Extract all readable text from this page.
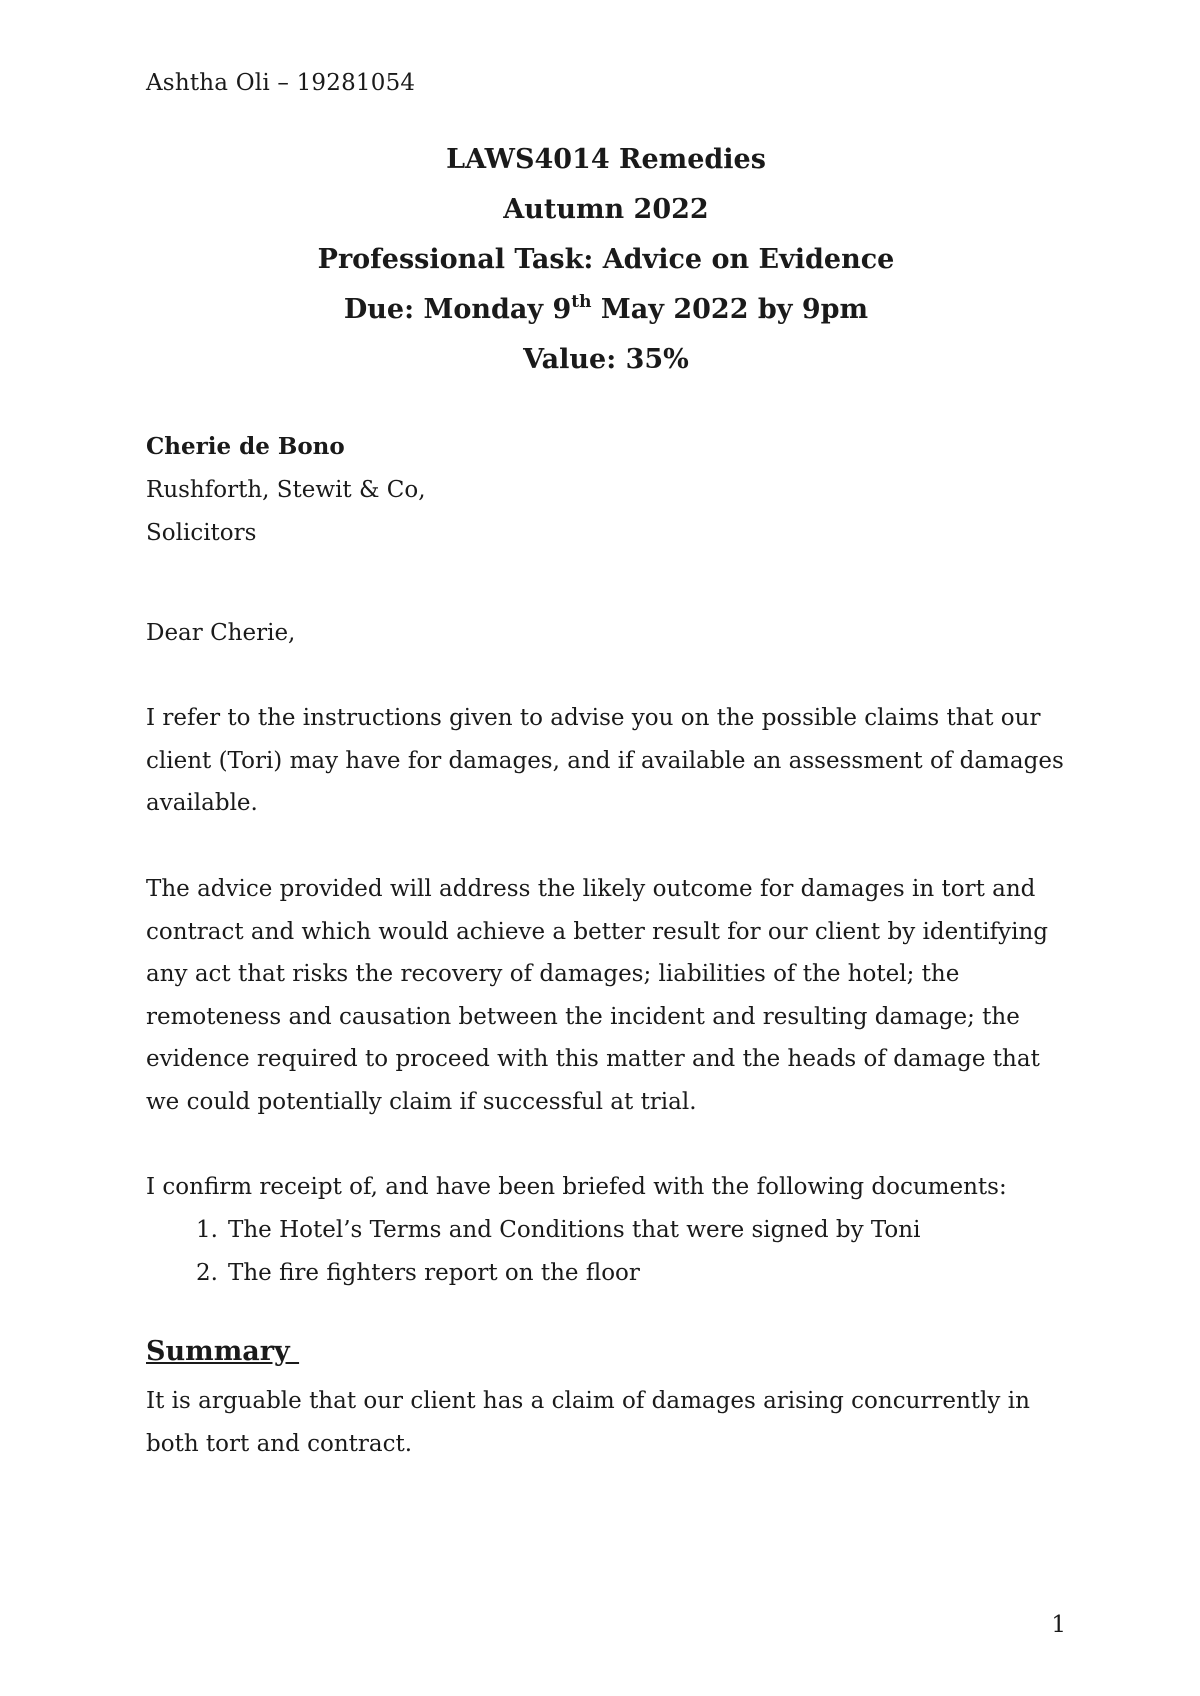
Ashtha Oli – 19281054
LAWS4014 Remedies
Autumn 2022
Professional Task: Advice on Evidence
Due: Monday 9th May 2022 by 9pm
Value: 35%
Cherie de Bono
Rushforth, Stewit & Co,
Solicitors
Dear Cherie,
I refer to the instructions given to advise you on the possible claims that our client (Tori) may have for damages, and if available an assessment of damages available.
The advice provided will address the likely outcome for damages in tort and contract and which would achieve a better result for our client by identifying any act that risks the recovery of damages; liabilities of the hotel; the remoteness and causation between the incident and resulting damage; the evidence required to proceed with this matter and the heads of damage that we could potentially claim if successful at trial.
I confirm receipt of, and have been briefed with the following documents:
1. The Hotel’s Terms and Conditions that were signed by Toni
2. The fire fighters report on the floor
Summary
It is arguable that our client has a claim of damages arising concurrently in both tort and contract.
1
